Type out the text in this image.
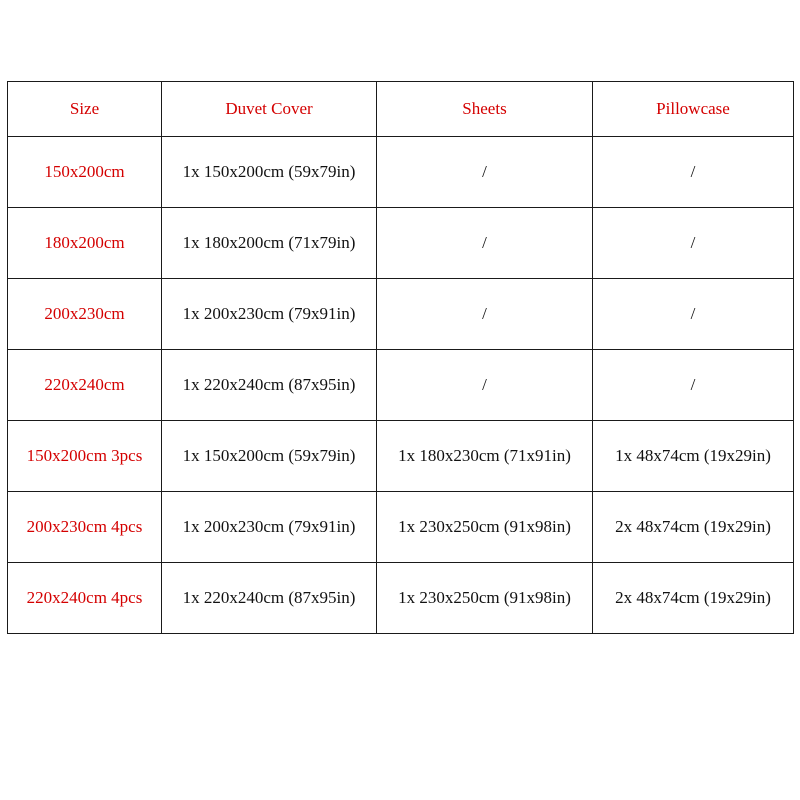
Size	Duvet Cover	Sheets	Pillowcase
150x200cm	1x 150x200cm (59x79in)	/	/
180x200cm	1x 180x200cm (71x79in)	/	/
200x230cm	1x 200x230cm (79x91in)	/	/
220x240cm	1x 220x240cm (87x95in)	/	/
150x200cm 3pcs	1x 150x200cm (59x79in)	1x 180x230cm (71x91in)	1x 48x74cm (19x29in)
200x230cm 4pcs	1x 200x230cm (79x91in)	1x 230x250cm (91x98in)	2x 48x74cm (19x29in)
220x240cm 4pcs	1x 220x240cm (87x95in)	1x 230x250cm (91x98in)	2x 48x74cm (19x29in)
